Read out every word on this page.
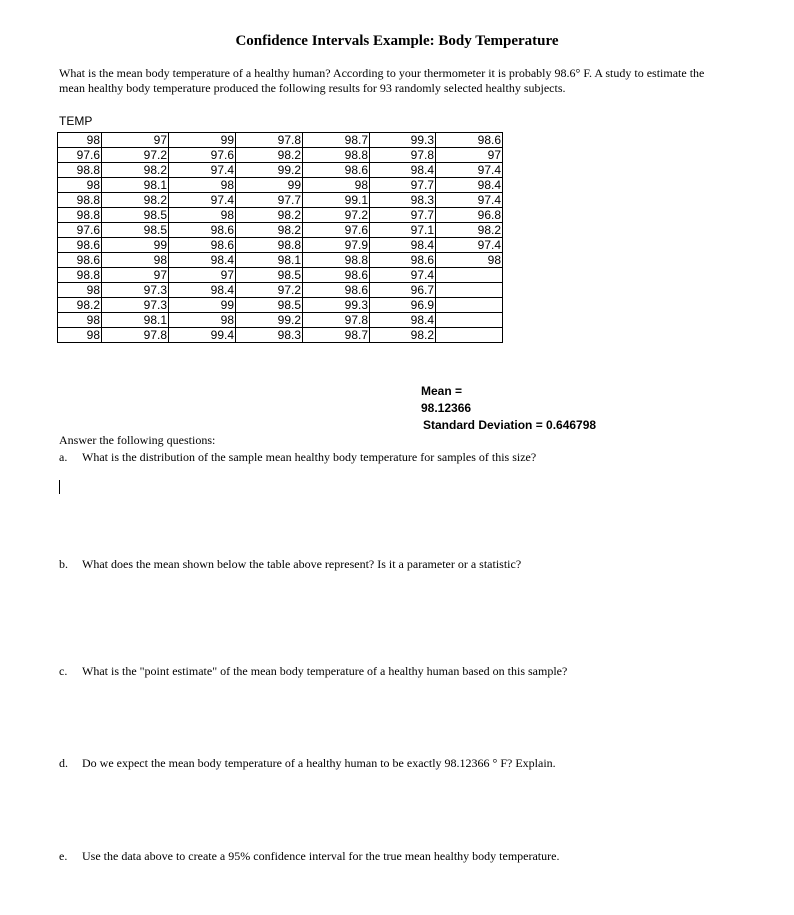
Confidence Intervals Example: Body Temperature
What is the mean body temperature of a healthy human? According to your thermometer it is probably 98.6° F. A study to estimate the mean healthy body temperature produced the following results for 93 randomly selected healthy subjects.
TEMP
98	97	99	97.8	98.7	99.3	98.6
97.6	97.2	97.6	98.2	98.8	97.8	97
98.8	98.2	97.4	99.2	98.6	98.4	97.4
98	98.1	98	99	98	97.7	98.4
98.8	98.2	97.4	97.7	99.1	98.3	97.4
98.8	98.5	98	98.2	97.2	97.7	96.8
97.6	98.5	98.6	98.2	97.6	97.1	98.2
98.6	99	98.6	98.8	97.9	98.4	97.4
98.6	98	98.4	98.1	98.8	98.6	98
98.8	97	97	98.5	98.6	97.4	
98	97.3	98.4	97.2	98.6	96.7	
98.2	97.3	99	98.5	99.3	96.9	
98	98.1	98	99.2	97.8	98.4	
98	97.8	99.4	98.3	98.7	98.2	
Mean =
98.12366
Standard Deviation = 0.646798
Answer the following questions:
a. What is the distribution of the sample mean healthy body temperature for samples of this size?
b. What does the mean shown below the table above represent? Is it a parameter or a statistic?
c. What is the "point estimate" of the mean body temperature of a healthy human based on this sample?
d. Do we expect the mean body temperature of a healthy human to be exactly 98.12366 ° F? Explain.
e. Use the data above to create a 95% confidence interval for the true mean healthy body temperature.
